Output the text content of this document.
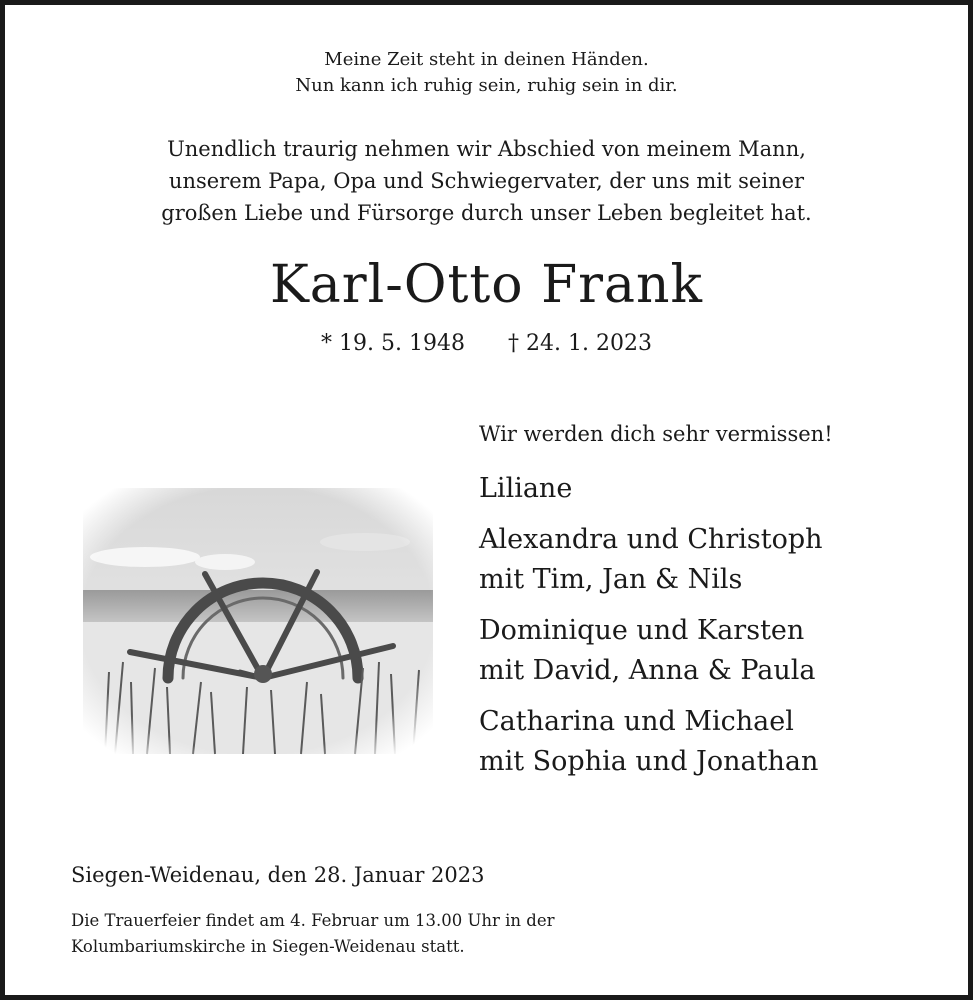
Meine Zeit steht in deinen Händen.
Nun kann ich ruhig sein, ruhig sein in dir.
Unendlich traurig nehmen wir Abschied von meinem Mann,
unserem Papa, Opa und Schwiegervater, der uns mit seiner
großen Liebe und Fürsorge durch unser Leben begleitet hat.
Karl-Otto Frank
* 19. 5. 1948 † 24. 1. 2023
Wir werden dich sehr vermissen!
Liliane
Alexandra und Christoph
mit Tim, Jan & Nils
Dominique und Karsten
mit David, Anna & Paula
Catharina und Michael
mit Sophia und Jonathan
Siegen-Weidenau, den 28. Januar 2023
Die Trauerfeier findet am 4. Februar um 13.00 Uhr in der
Kolumbariumskirche in Siegen-Weidenau statt.
